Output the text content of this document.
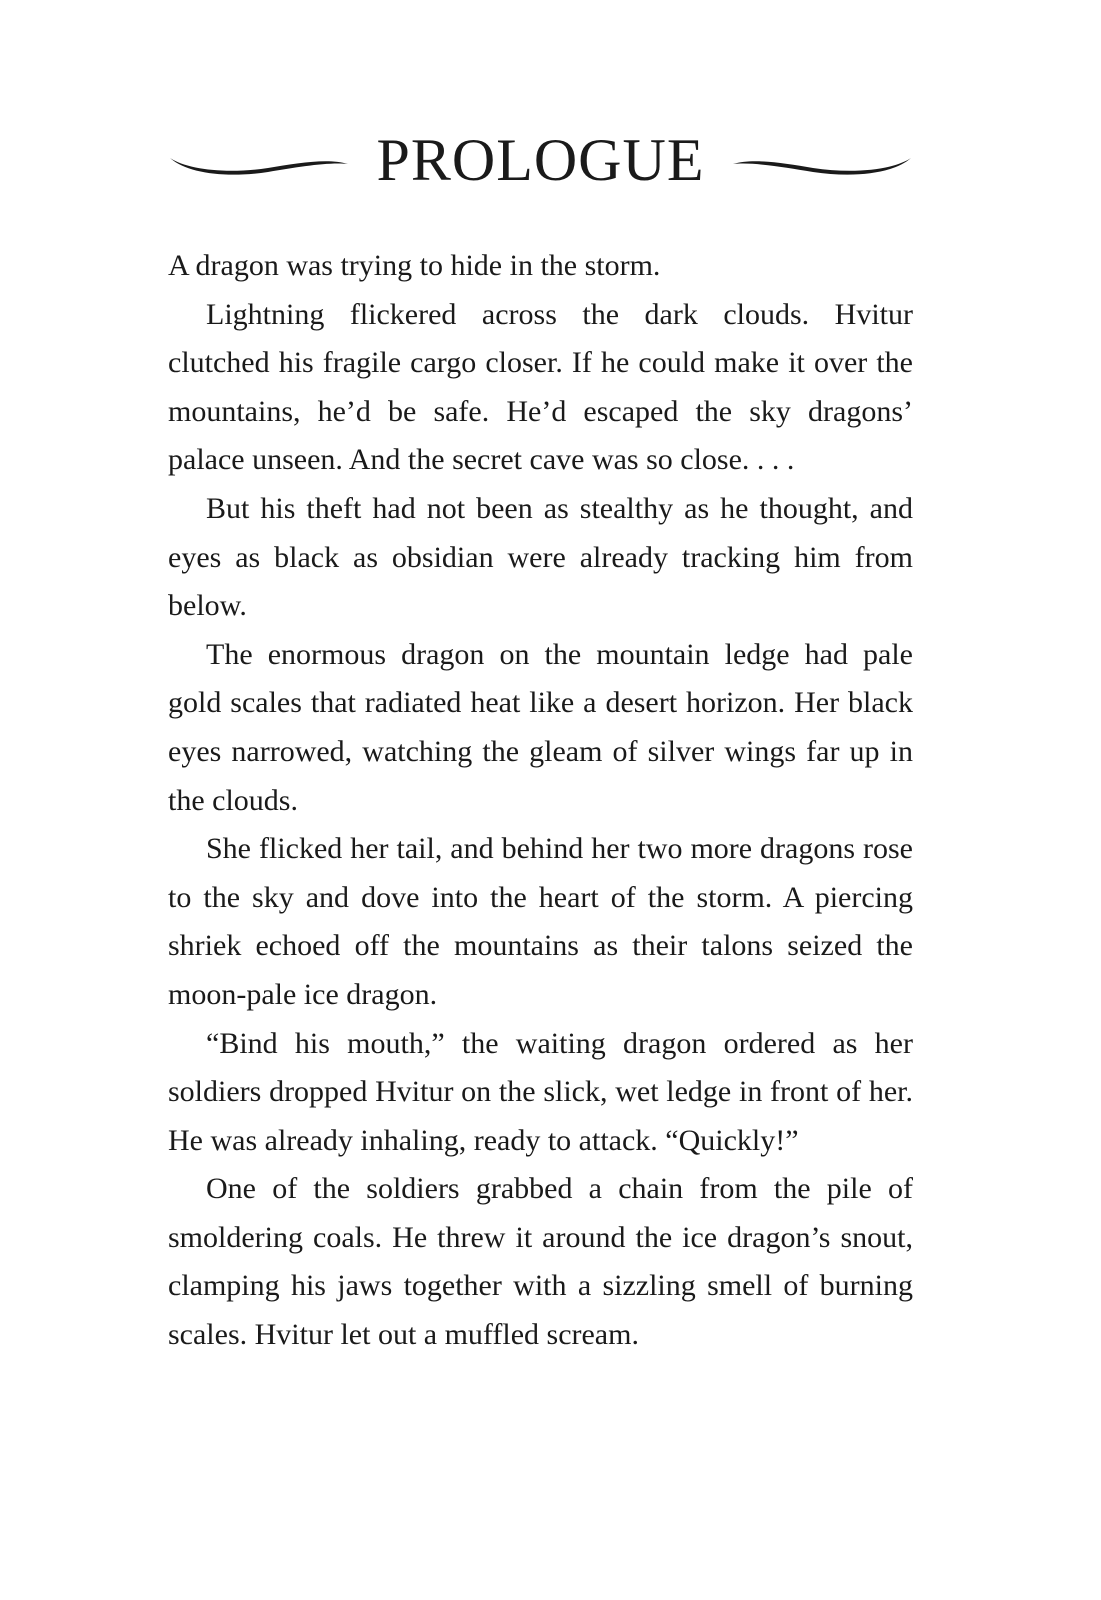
PROLOGUE

A dragon was trying to hide in the storm.

Lightning flickered across the dark clouds. Hvitur clutched his fragile cargo closer. If he could make it over the mountains, he’d be safe. He’d escaped the sky dragons’ palace unseen. And the secret cave was so close. . . .

But his theft had not been as stealthy as he thought, and eyes as black as obsidian were already tracking him from below.

The enormous dragon on the mountain ledge had pale gold scales that radiated heat like a desert horizon. Her black eyes narrowed, watching the gleam of silver wings far up in the clouds.

She flicked her tail, and behind her two more dragons rose to the sky and dove into the heart of the storm. A piercing shriek echoed off the mountains as their talons seized the moon-pale ice dragon.

“Bind his mouth,” the waiting dragon ordered as her soldiers dropped Hvitur on the slick, wet ledge in front of her. He was already inhaling, ready to attack. “Quickly!”

One of the soldiers grabbed a chain from the pile of smoldering coals. He threw it around the ice dragon’s snout, clamping his jaws together with a sizzling smell of burning scales. Hvitur let out a muffled scream.
